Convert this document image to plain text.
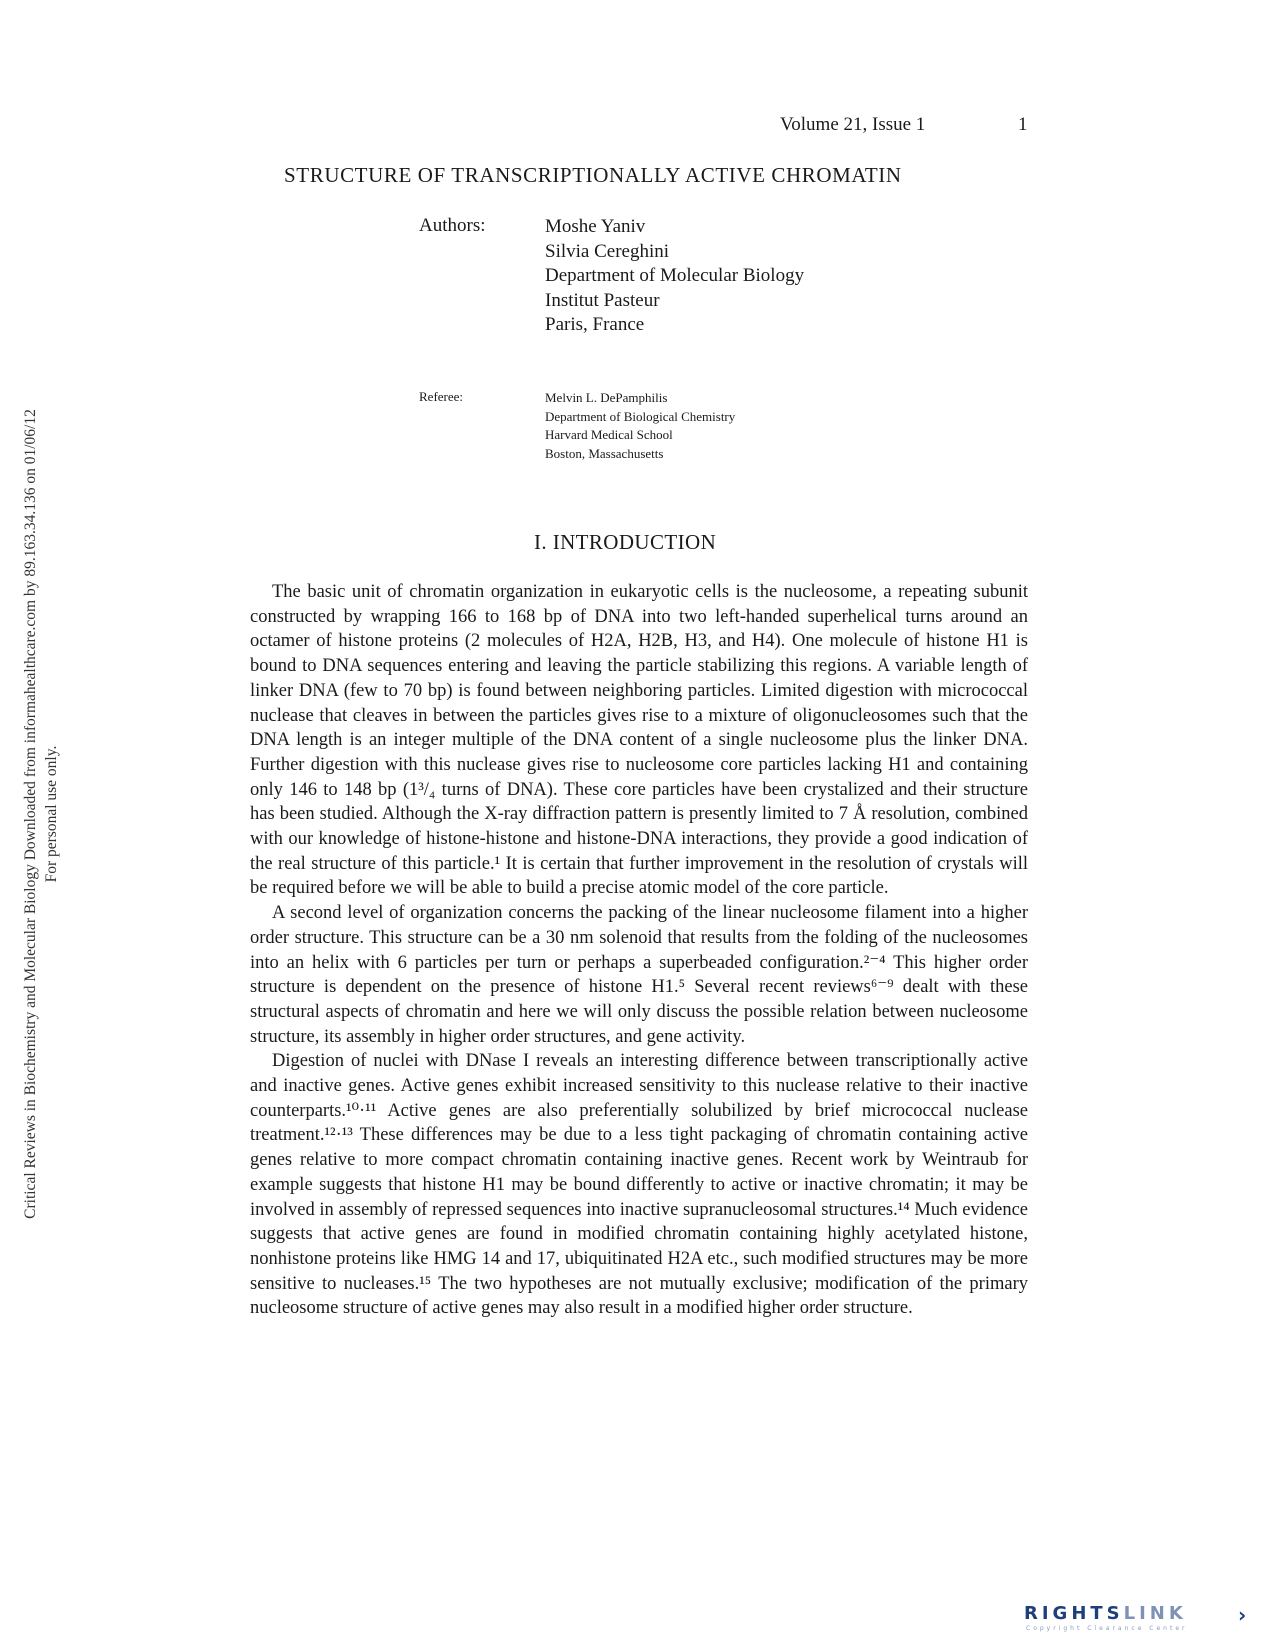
Critical Reviews in Biochemistry and Molecular Biology Downloaded from informahealthcare.com by 89.163.34.136 on 01/06/12 For personal use only.
Volume 21, Issue 1	1
STRUCTURE OF TRANSCRIPTIONALLY ACTIVE CHROMATIN
Authors:	Moshe Yaniv
Silvia Cereghini
Department of Molecular Biology
Institut Pasteur
Paris, France
Referee:	Melvin L. DePamphilis
Department of Biological Chemistry
Harvard Medical School
Boston, Massachusetts
I. INTRODUCTION

The basic unit of chromatin organization in eukaryotic cells is the nucleosome, a repeating subunit constructed by wrapping 166 to 168 bp of DNA into two left-handed superhelical turns around an octamer of histone proteins (2 molecules of H2A, H2B, H3, and H4). One molecule of histone H1 is bound to DNA sequences entering and leaving the particle stabilizing this regions. A variable length of linker DNA (few to 70 bp) is found between neighboring particles. Limited digestion with micrococcal nuclease that cleaves in between the particles gives rise to a mixture of oligonucleosomes such that the DNA length is an integer multiple of the DNA content of a single nucleosome plus the linker DNA. Further digestion with this nuclease gives rise to nucleosome core particles lacking H1 and containing only 146 to 148 bp (1³/₄ turns of DNA). These core particles have been crystalized and their structure has been studied. Although the X-ray diffraction pattern is presently limited to 7 Å resolution, combined with our knowledge of histone-histone and histone-DNA interactions, they provide a good indication of the real structure of this particle.¹ It is certain that further improvement in the resolution of crystals will be required before we will be able to build a precise atomic model of the core particle.

A second level of organization concerns the packing of the linear nucleosome filament into a higher order structure. This structure can be a 30 nm solenoid that results from the folding of the nucleosomes into an helix with 6 particles per turn or perhaps a superbeaded configuration.²⁻⁴ This higher order structure is dependent on the presence of histone H1.⁵ Several recent reviews⁶⁻⁹ dealt with these structural aspects of chromatin and here we will only discuss the possible relation between nucleosome structure, its assembly in higher order structures, and gene activity.

Digestion of nuclei with DNase I reveals an interesting difference between transcriptionally active and inactive genes. Active genes exhibit increased sensitivity to this nuclease relative to their inactive counterparts.¹⁰·¹¹ Active genes are also preferentially solubilized by brief micrococcal nuclease treatment.¹²·¹³ These differences may be due to a less tight packaging of chromatin containing active genes relative to more compact chromatin containing inactive genes. Recent work by Weintraub for example suggests that histone H1 may be bound differently to active or inactive chromatin; it may be involved in assembly of repressed sequences into inactive supranucleosomal structures.¹⁴ Much evidence suggests that active genes are found in modified chromatin containing highly acetylated histone, nonhistone proteins like HMG 14 and 17, ubiquitinated H2A etc., such modified structures may be more sensitive to nucleases.¹⁵ The two hypotheses are not mutually exclusive; modification of the primary nucleosome structure of active genes may also result in a modified higher order structure.

RIGHTSLINK	›
Copyright Clearance Center
